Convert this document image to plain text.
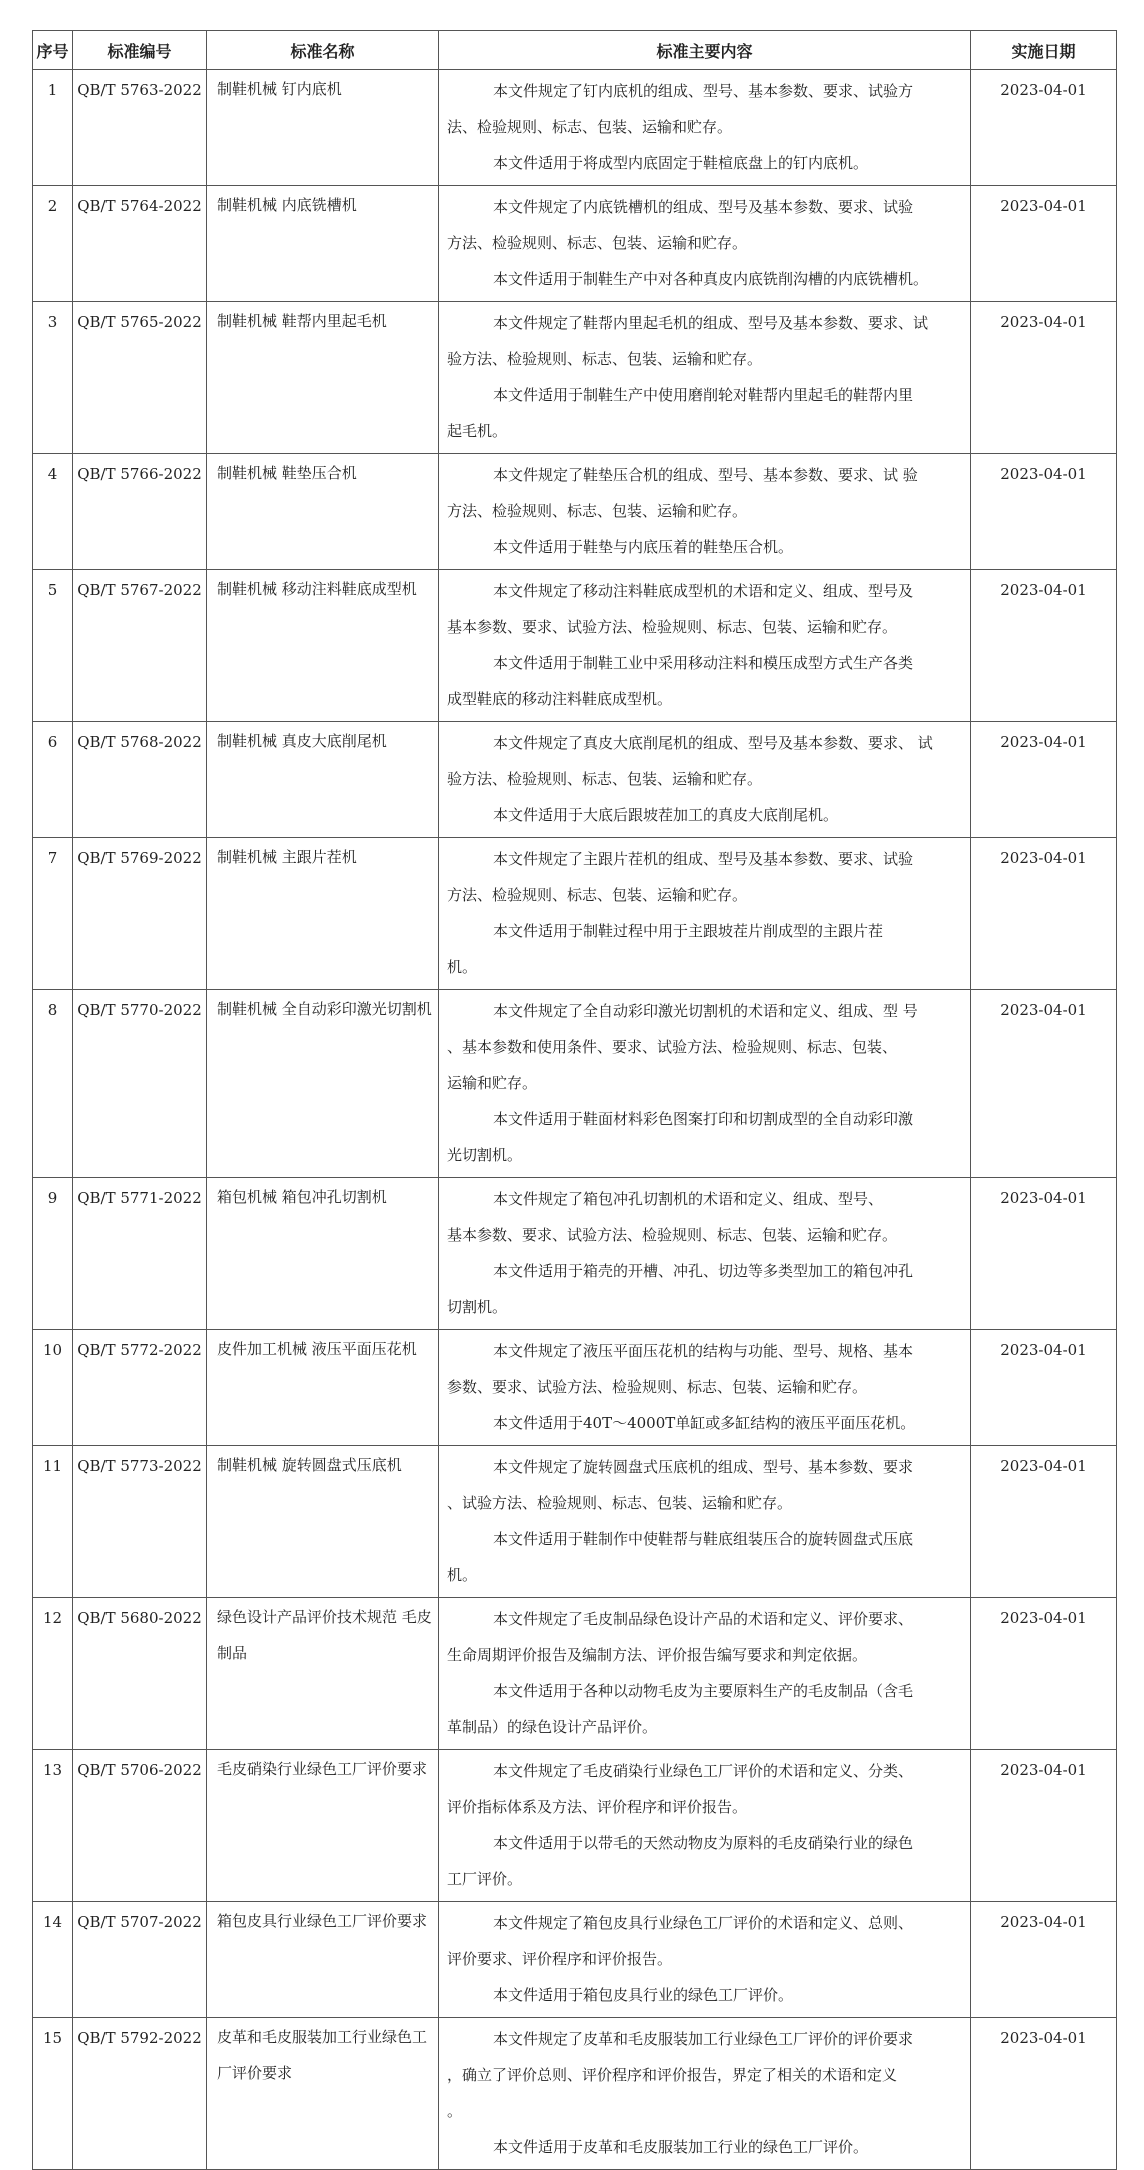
序号	标准编号	标准名称	标准主要内容	实施日期
1	QB/T 5763-2022	制鞋机械 钉内底机	本文件规定了钉内底机的组成、型号、基本参数、要求、试验方

法、检验规则、标志、包装、运输和贮存。

本文件适用于将成型内底固定于鞋楦底盘上的钉内底机。	2023-04-01
2	QB/T 5764-2022	制鞋机械 内底铣槽机	本文件规定了内底铣槽机的组成、型号及基本参数、要求、试验

方法、检验规则、标志、包装、运输和贮存。

本文件适用于制鞋生产中对各种真皮内底铣削沟槽的内底铣槽机。	2023-04-01
3	QB/T 5765-2022	制鞋机械 鞋帮内里起毛机	本文件规定了鞋帮内里起毛机的组成、型号及基本参数、要求、试

验方法、检验规则、标志、包装、运输和贮存。

本文件适用于制鞋生产中使用磨削轮对鞋帮内里起毛的鞋帮内里

起毛机。	2023-04-01
4	QB/T 5766-2022	制鞋机械 鞋垫压合机	本文件规定了鞋垫压合机的组成、型号、基本参数、要求、试 验

方法、检验规则、标志、包装、运输和贮存。

本文件适用于鞋垫与内底压着的鞋垫压合机。	2023-04-01
5	QB/T 5767-2022	制鞋机械 移动注料鞋底成型机	本文件规定了移动注料鞋底成型机的术语和定义、组成、型号及

基本参数、要求、试验方法、检验规则、标志、包装、运输和贮存。

本文件适用于制鞋工业中采用移动注料和模压成型方式生产各类

成型鞋底的移动注料鞋底成型机。	2023-04-01
6	QB/T 5768-2022	制鞋机械 真皮大底削尾机	本文件规定了真皮大底削尾机的组成、型号及基本参数、要求、 试

验方法、检验规则、标志、包装、运输和贮存。

本文件适用于大底后跟坡茬加工的真皮大底削尾机。	2023-04-01
7	QB/T 5769-2022	制鞋机械 主跟片茬机	本文件规定了主跟片茬机的组成、型号及基本参数、要求、试验

方法、检验规则、标志、包装、运输和贮存。

本文件适用于制鞋过程中用于主跟坡茬片削成型的主跟片茬

机。	2023-04-01
8	QB/T 5770-2022	制鞋机械 全自动彩印激光切割机	本文件规定了全自动彩印激光切割机的术语和定义、组成、型 号

、基本参数和使用条件、要求、试验方法、检验规则、标志、包装、

运输和贮存。

本文件适用于鞋面材料彩色图案打印和切割成型的全自动彩印激

光切割机。	2023-04-01
9	QB/T 5771-2022	箱包机械 箱包冲孔切割机	本文件规定了箱包冲孔切割机的术语和定义、组成、型号、

基本参数、要求、试验方法、检验规则、标志、包装、运输和贮存。

本文件适用于箱壳的开槽、冲孔、切边等多类型加工的箱包冲孔

切割机。	2023-04-01
10	QB/T 5772-2022	皮件加工机械 液压平面压花机	本文件规定了液压平面压花机的结构与功能、型号、规格、基本

参数、要求、试验方法、检验规则、标志、包装、运输和贮存。

本文件适用于40T～4000T单缸或多缸结构的液压平面压花机。	2023-04-01
11	QB/T 5773-2022	制鞋机械 旋转圆盘式压底机	本文件规定了旋转圆盘式压底机的组成、型号、基本参数、要求

、试验方法、检验规则、标志、包装、运输和贮存。

本文件适用于鞋制作中使鞋帮与鞋底组装压合的旋转圆盘式压底

机。	2023-04-01
12	QB/T 5680-2022	绿色设计产品评价技术规范 毛皮制品	本文件规定了毛皮制品绿色设计产品的术语和定义、评价要求、

生命周期评价报告及编制方法、评价报告编写要求和判定依据。

本文件适用于各种以动物毛皮为主要原料生产的毛皮制品（含毛

革制品）的绿色设计产品评价。	2023-04-01
13	QB/T 5706-2022	毛皮硝染行业绿色工厂评价要求	本文件规定了毛皮硝染行业绿色工厂评价的术语和定义、分类、

评价指标体系及方法、评价程序和评价报告。

本文件适用于以带毛的天然动物皮为原料的毛皮硝染行业的绿色

工厂评价。	2023-04-01
14	QB/T 5707-2022	箱包皮具行业绿色工厂评价要求	本文件规定了箱包皮具行业绿色工厂评价的术语和定义、总则、

评价要求、评价程序和评价报告。

本文件适用于箱包皮具行业的绿色工厂评价。	2023-04-01
15	QB/T 5792-2022	皮革和毛皮服装加工行业绿色工厂评价要求	本文件规定了皮革和毛皮服装加工行业绿色工厂评价的评价要求

，确立了评价总则、评价程序和评价报告，界定了相关的术语和定义

。

本文件适用于皮革和毛皮服装加工行业的绿色工厂评价。	2023-04-01
